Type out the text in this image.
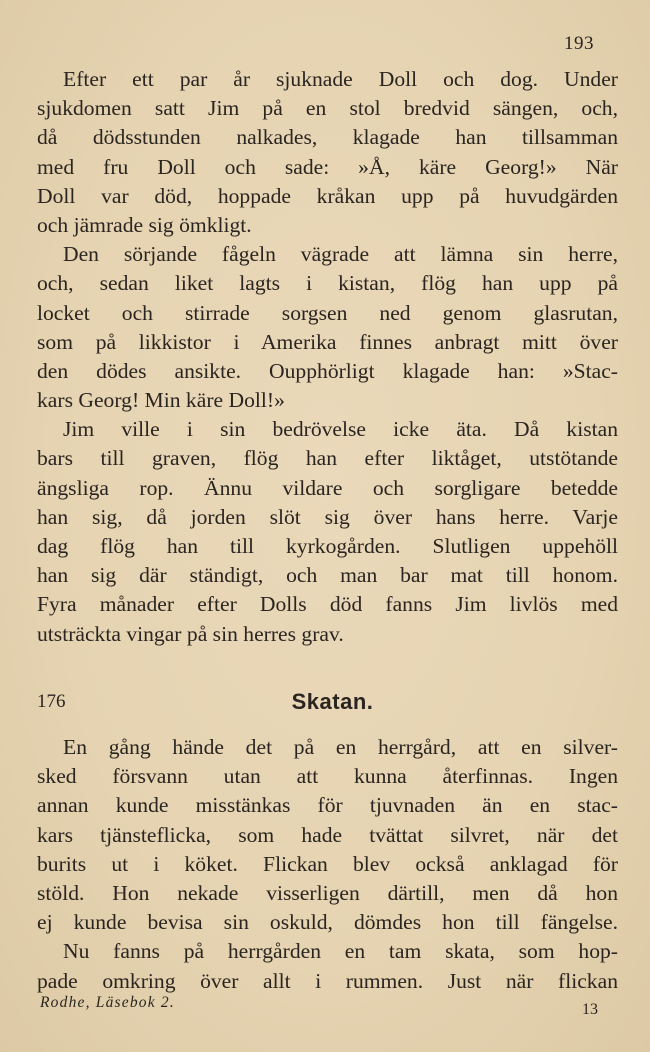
193
Efter ett par år sjuknade Doll och dog. Under
sjukdomen satt Jim på en stol bredvid sängen, och,
då dödsstunden nalkades, klagade han tillsamman
med fru Doll och sade: »Å, käre Georg!» När
Doll var död, hoppade kråkan upp på huvudgärden
och jämrade sig ömkligt.
Den sörjande fågeln vägrade att lämna sin herre,
och, sedan liket lagts i kistan, flög han upp på
locket och stirrade sorgsen ned genom glasrutan,
som på likkistor i Amerika finnes anbragt mitt över
den dödes ansikte. Oupphörligt klagade han: »Stac-
kars Georg! Min käre Doll!»
Jim ville i sin bedrövelse icke äta. Då kistan
bars till graven, flög han efter liktåget, utstötande
ängsliga rop. Ännu vildare och sorgligare betedde
han sig, då jorden slöt sig över hans herre. Varje
dag flög han till kyrkogården. Slutligen uppehöll
han sig där ständigt, och man bar mat till honom.
Fyra månader efter Dolls död fanns Jim livlös med
utsträckta vingar på sin herres grav.
176	Skatan.
En gång hände det på en herrgård, att en silver-
sked försvann utan att kunna återfinnas. Ingen
annan kunde misstänkas för tjuvnaden än en stac-
kars tjänsteflicka, som hade tvättat silvret, när det
burits ut i köket. Flickan blev också anklagad för
stöld. Hon nekade visserligen därtill, men då hon
ej kunde bevisa sin oskuld, dömdes hon till fängelse.
Nu fanns på herrgården en tam skata, som hop-
pade omkring över allt i rummen. Just när flickan
Rodhe, Läsebok 2.	13
